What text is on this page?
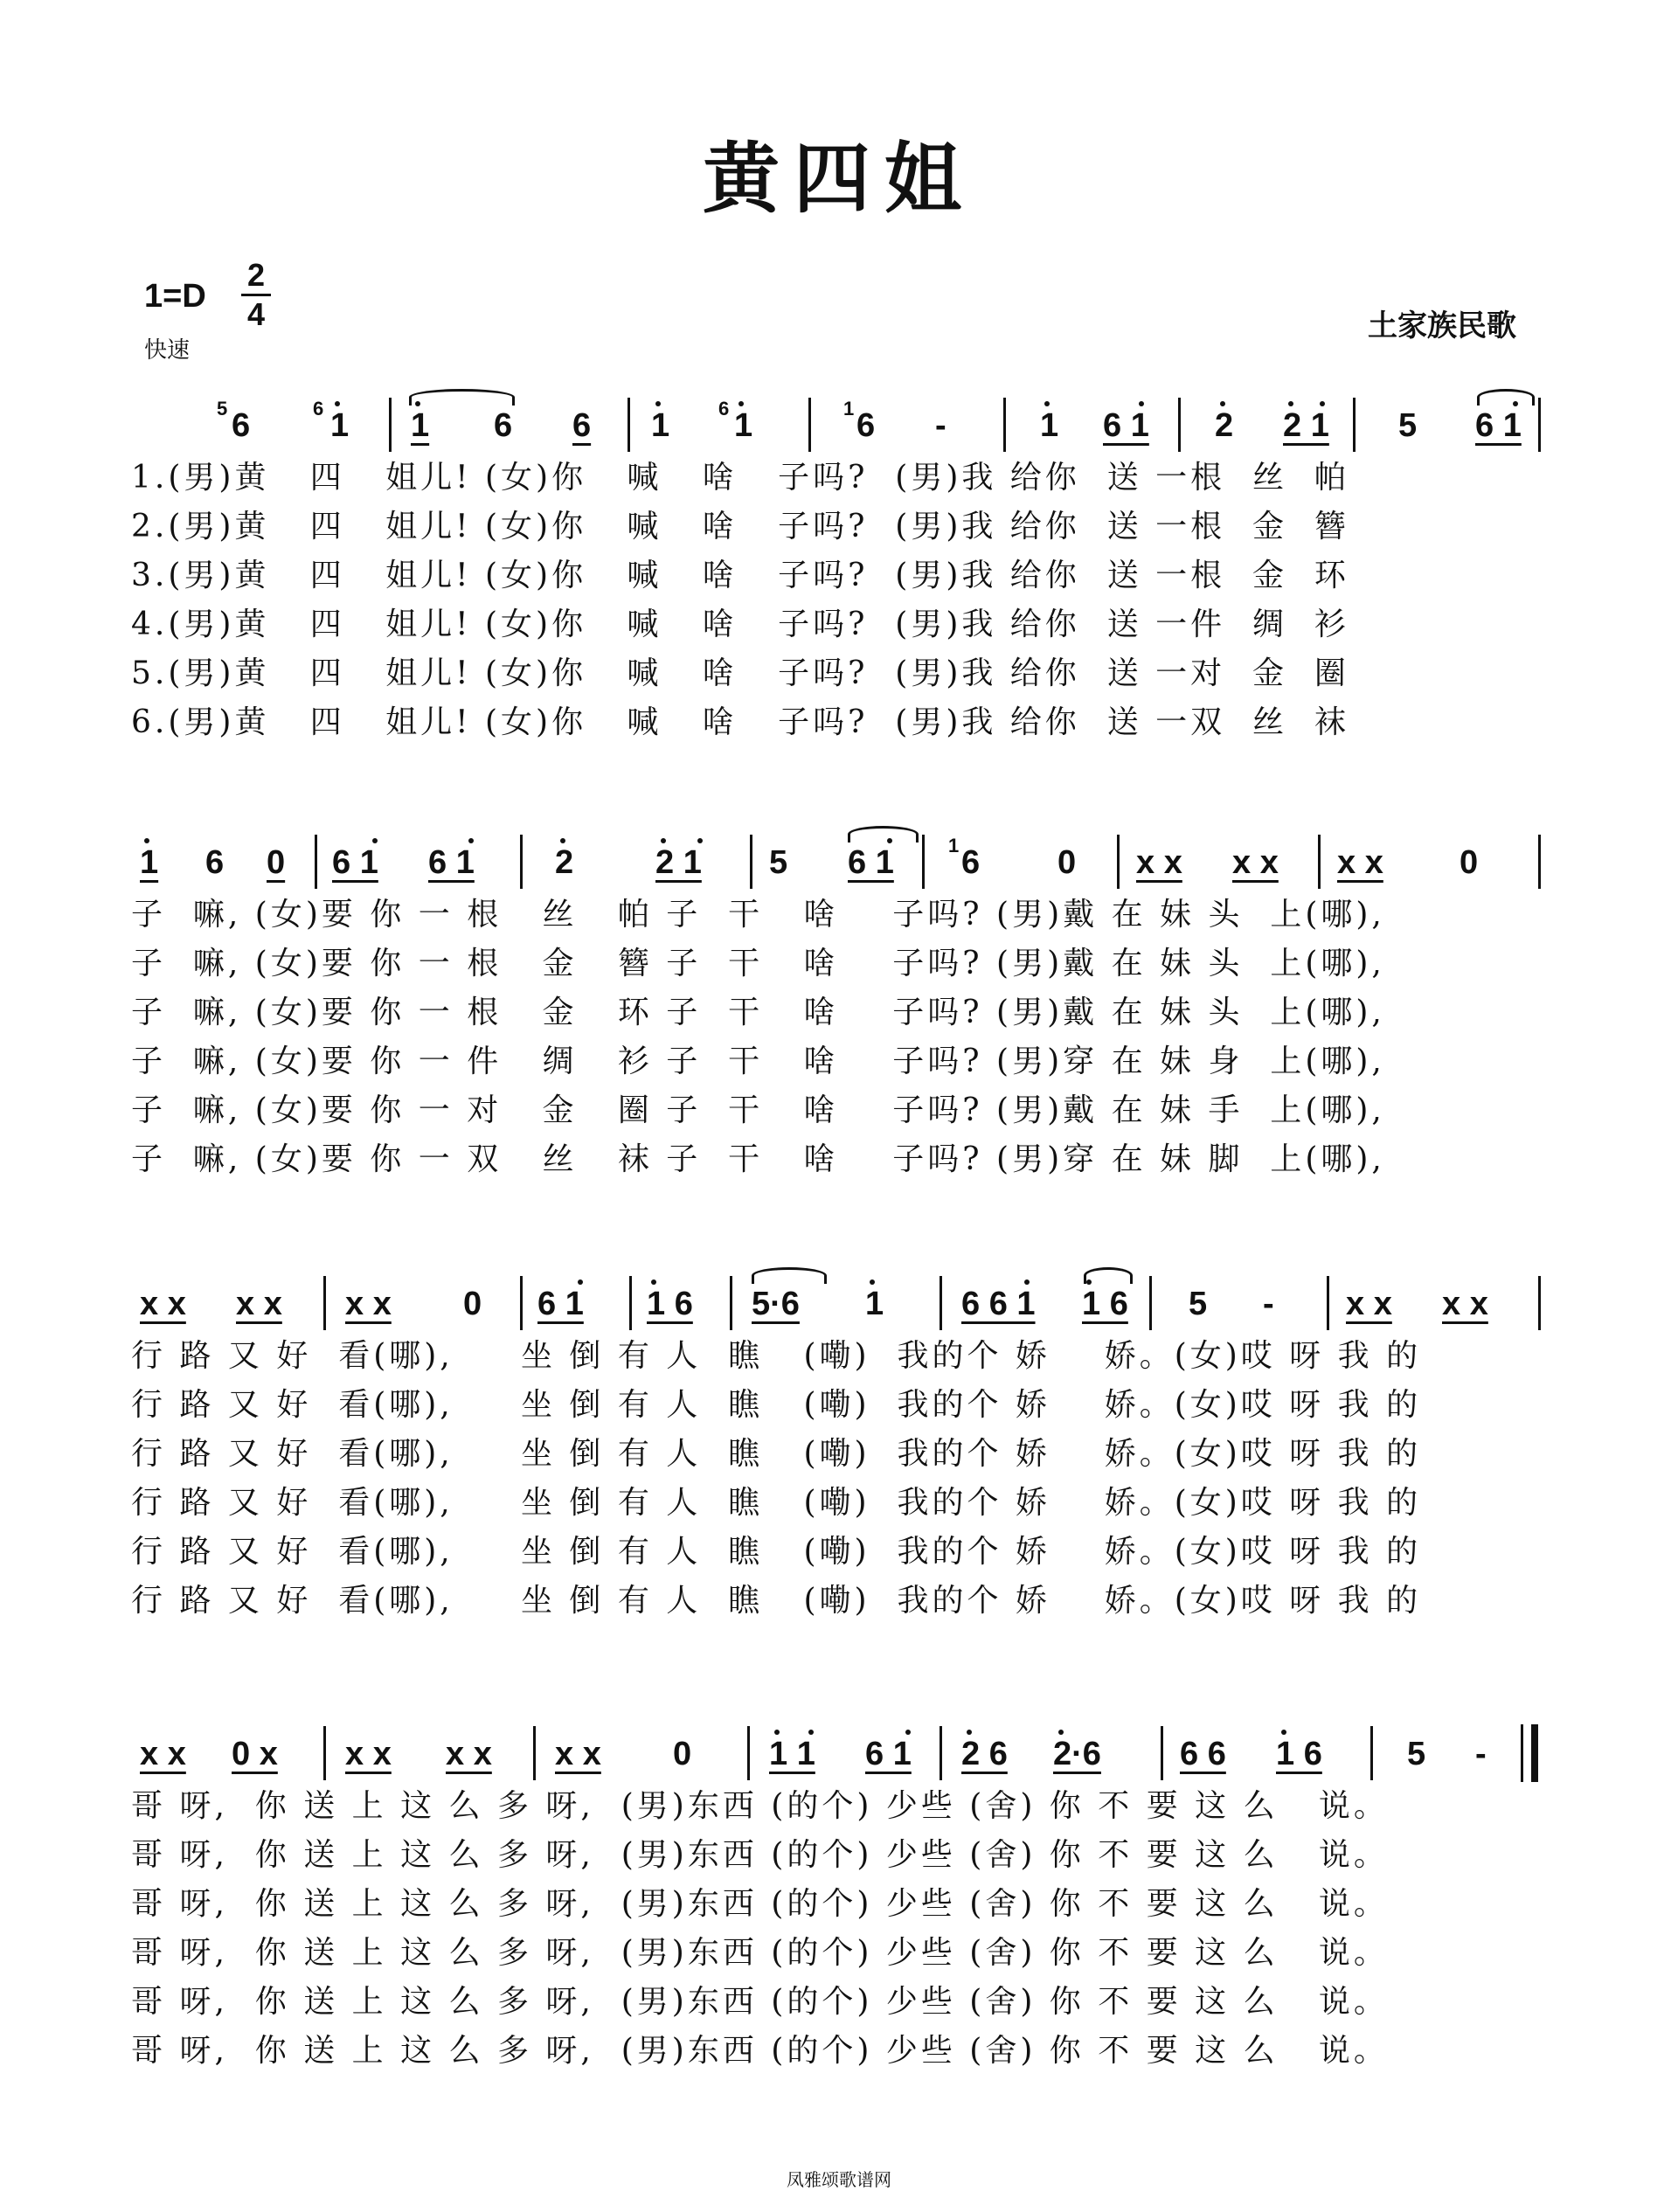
黄四姐
1=D
2
4
快速
土家族民歌
5 6	6 1 1 6 6 1	6 1	1 6 -	1 6 1 2 2 1 5 6 1
1.(男)黄   四   姐儿! (女)你   喊   啥   子吗?  (男)我 给你  送 一根  丝  帕
2.(男)黄   四   姐儿! (女)你   喊   啥   子吗?  (男)我 给你  送 一根  金  簪
3.(男)黄   四   姐儿! (女)你   喊   啥   子吗?  (男)我 给你  送 一根  金  环
4.(男)黄   四   姐儿! (女)你   喊   啥   子吗?  (男)我 给你  送 一件  绸  衫
5.(男)黄   四   姐儿! (女)你   喊   啥   子吗?  (男)我 给你  送 一对  金  圈
6.(男)黄   四   姐儿! (女)你   喊   啥   子吗?  (男)我 给你  送 一双  丝  袜
1 6 0 6 1 6 1 2 2 1 5 6 1	1 6 0 x x x x x x 0
子  嘛, (女)要 你 一 根   丝   帕 子  干   啥    子吗? (男)戴 在 妹 头  上(哪),
子  嘛, (女)要 你 一 根   金   簪 子  干   啥    子吗? (男)戴 在 妹 头  上(哪),
子  嘛, (女)要 你 一 根   金   环 子  干   啥    子吗? (男)戴 在 妹 头  上(哪),
子  嘛, (女)要 你 一 件   绸   衫 子  干   啥    子吗? (男)穿 在 妹 身  上(哪),
子  嘛, (女)要 你 一 对   金   圈 子  干   啥    子吗? (男)戴 在 妹 手  上(哪),
子  嘛, (女)要 你 一 双   丝   袜 子  干   啥    子吗? (男)穿 在 妹 脚  上(哪),
x x x x x x 0 6 1 1 6 5·6 1 6 6 1 1 6 5 - x x x x
行 路 又 好  看(哪),     坐 倒 有 人  瞧   (嘞)  我的个 娇    娇。(女)哎 呀 我 的
行 路 又 好  看(哪),     坐 倒 有 人  瞧   (嘞)  我的个 娇    娇。(女)哎 呀 我 的
行 路 又 好  看(哪),     坐 倒 有 人  瞧   (嘞)  我的个 娇    娇。(女)哎 呀 我 的
行 路 又 好  看(哪),     坐 倒 有 人  瞧   (嘞)  我的个 娇    娇。(女)哎 呀 我 的
行 路 又 好  看(哪),     坐 倒 有 人  瞧   (嘞)  我的个 娇    娇。(女)哎 呀 我 的
行 路 又 好  看(哪),     坐 倒 有 人  瞧   (嘞)  我的个 娇    娇。(女)哎 呀 我 的
x x 0 x x x x x x x 0 1 1 6 1 2 6 2·6 6 6 1 6	5 -
哥 呀,  你 送 上 这 么 多 呀,  (男)东西 (的个) 少些 (舍) 你 不 要 这 么   说。
哥 呀,  你 送 上 这 么 多 呀,  (男)东西 (的个) 少些 (舍) 你 不 要 这 么   说。
哥 呀,  你 送 上 这 么 多 呀,  (男)东西 (的个) 少些 (舍) 你 不 要 这 么   说。
哥 呀,  你 送 上 这 么 多 呀,  (男)东西 (的个) 少些 (舍) 你 不 要 这 么   说。
哥 呀,  你 送 上 这 么 多 呀,  (男)东西 (的个) 少些 (舍) 你 不 要 这 么   说。
哥 呀,  你 送 上 这 么 多 呀,  (男)东西 (的个) 少些 (舍) 你 不 要 这 么   说。
凤雅颂歌谱网
